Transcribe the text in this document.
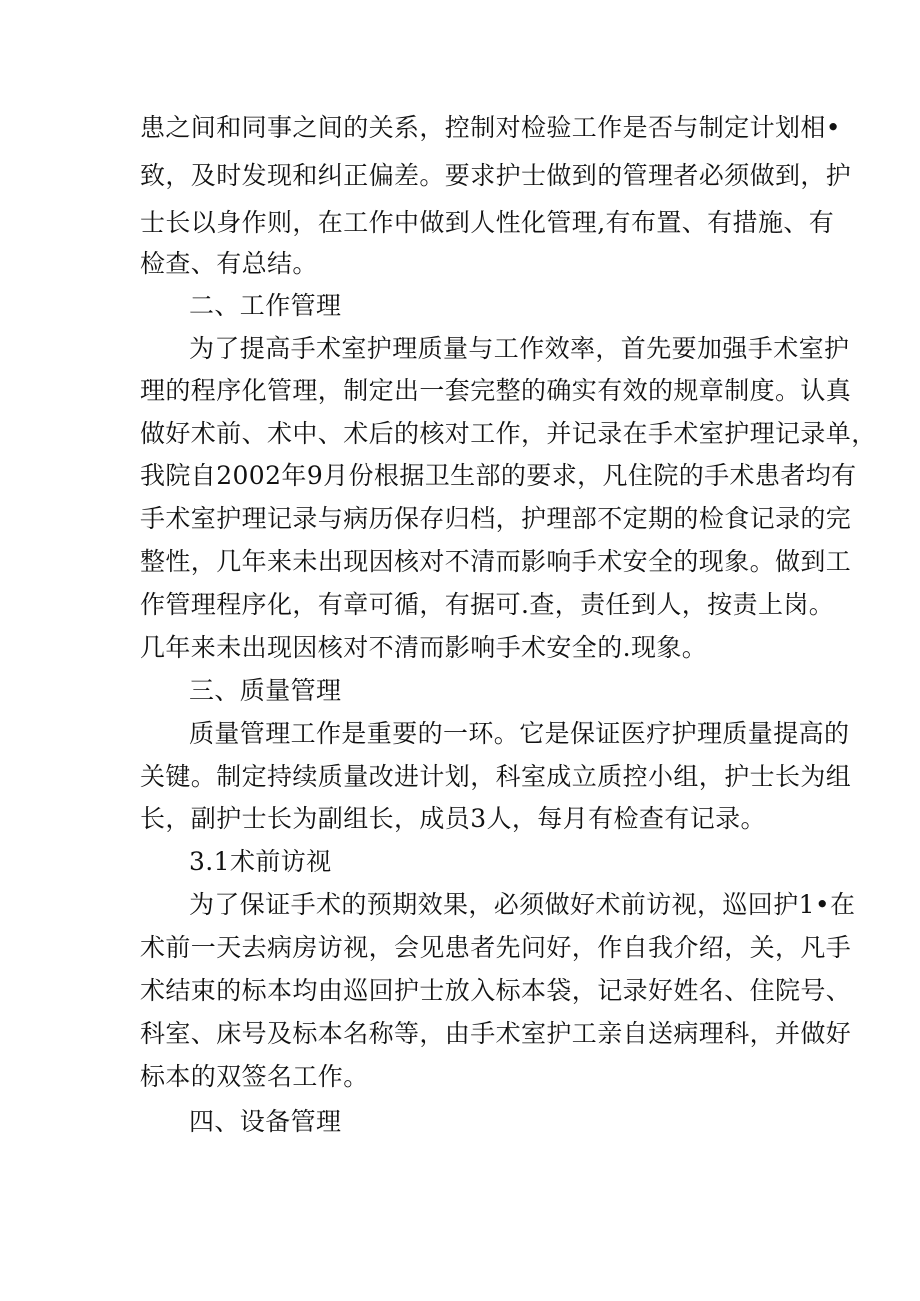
患之间和同事之间的关系，控制对检验工作是否与制定计划相•
致，及时发现和纠正偏差。要求护士做到的管理者必须做到，护
士长以身作则，在工作中做到人性化管理,有布置、有措施、有
检查、有总结。
二、工作管理
为了提高手术室护理质量与工作效率，首先要加强手术室护
理的程序化管理，制定出一套完整的确实有效的规章制度。认真
做好术前、术中、术后的核对工作，并记录在手术室护理记录单，
我院自2002年9月份根据卫生部的要求，凡住院的手术患者均有
手术室护理记录与病历保存归档，护理部不定期的检食记录的完
整性，几年来未出现因核对不清而影响手术安全的现象。做到工
作管理程序化，有章可循，有据可.查，责任到人，按责上岗。
几年来未出现因核对不清而影响手术安全的.现象。
三、质量管理
质量管理工作是重要的一环。它是保证医疗护理质量提高的
关键。制定持续质量改进计划，科室成立质控小组，护士长为组
长，副护士长为副组长，成员3人，每月有检查有记录。
3.1术前访视
为了保证手术的预期效果，必须做好术前访视，巡回护1•在
术前一天去病房访视，会见患者先问好，作自我介绍，关，凡手
术结束的标本均由巡回护士放入标本袋，记录好姓名、住院号、
科室、床号及标本名称等，由手术室护工亲自送病理科，并做好
标本的双签名工作。
四、设备管理
